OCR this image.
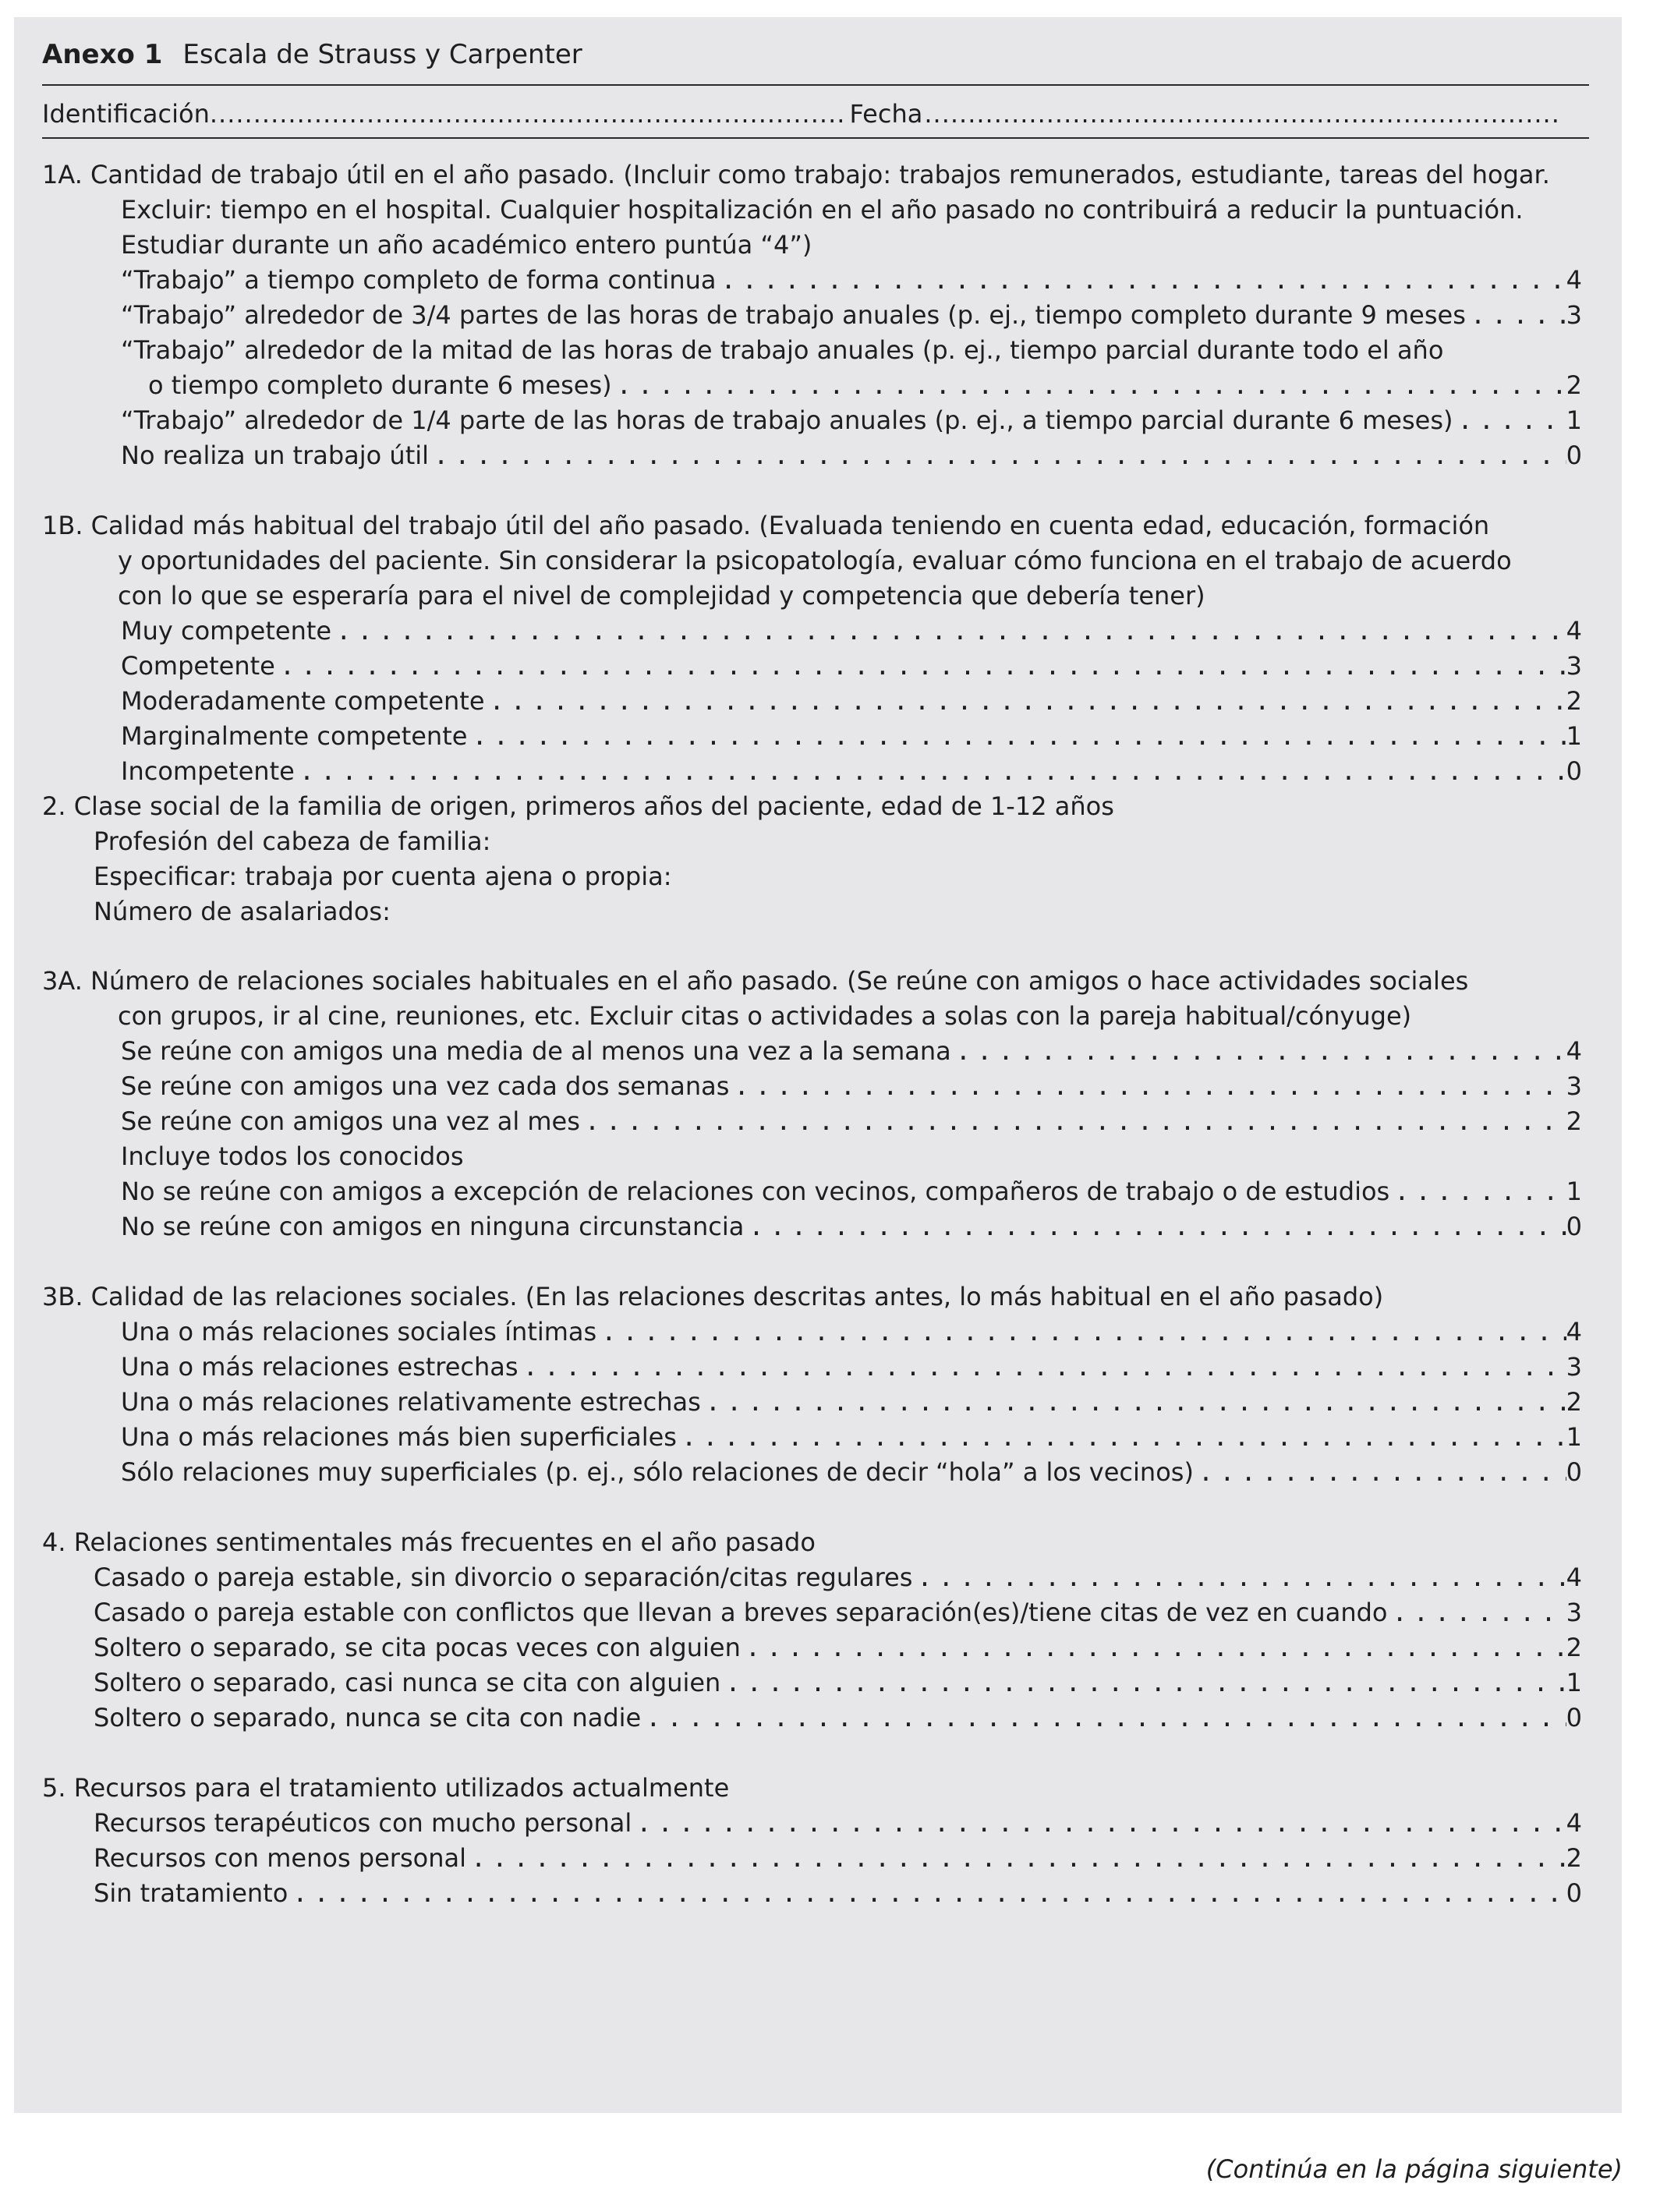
Anexo 1 Escala de Strauss y Carpenter
Identificación .....	Fecha
.....
1A. Cantidad de trabajo útil en el año pasado. (Incluir como trabajo: trabajos remunerados, estudiante, tareas del hogar.
Excluir: tiempo en el hospital. Cualquier hospitalización en el año pasado no contribuirá a reducir la puntuación.
Estudiar durante un año académico entero puntúa “4”)
“Trabajo” a tiempo completo de forma continua .....	4
“Trabajo” alrededor de 3/4 partes de las horas de trabajo anuales (p. ej., tiempo completo durante 9 meses .....	3
“Trabajo” alrededor de la mitad de las horas de trabajo anuales (p. ej., tiempo parcial durante todo el año
o tiempo completo durante 6 meses) .....	2
“Trabajo” alrededor de 1/4 parte de las horas de trabajo anuales (p. ej., a tiempo parcial durante 6 meses) .....	1
No realiza un trabajo útil .....	0
1B. Calidad más habitual del trabajo útil del año pasado. (Evaluada teniendo en cuenta edad, educación, formación
y oportunidades del paciente. Sin considerar la psicopatología, evaluar cómo funciona en el trabajo de acuerdo
con lo que se esperaría para el nivel de complejidad y competencia que debería tener)
Muy competente .....	4
Competente .....	3
Moderadamente competente .....	2
Marginalmente competente .....	1
Incompetente .....	0
2. Clase social de la familia de origen, primeros años del paciente, edad de 1-12 años
Profesión del cabeza de familia:
Especificar: trabaja por cuenta ajena o propia:
Número de asalariados:
3A. Número de relaciones sociales habituales en el año pasado. (Se reúne con amigos o hace actividades sociales
con grupos, ir al cine, reuniones, etc. Excluir citas o actividades a solas con la pareja habitual/cónyuge)
Se reúne con amigos una media de al menos una vez a la semana .....	4
Se reúne con amigos una vez cada dos semanas .....	3
Se reúne con amigos una vez al mes .....	2
Incluye todos los conocidos
No se reúne con amigos a excepción de relaciones con vecinos, compañeros de trabajo o de estudios .....	1
No se reúne con amigos en ninguna circunstancia .....	0
3B. Calidad de las relaciones sociales. (En las relaciones descritas antes, lo más habitual en el año pasado)
Una o más relaciones sociales íntimas .....	4
Una o más relaciones estrechas .....	3
Una o más relaciones relativamente estrechas .....	2
Una o más relaciones más bien superficiales .....	1
Sólo relaciones muy superficiales (p. ej., sólo relaciones de decir “hola” a los vecinos) .....	0
4. Relaciones sentimentales más frecuentes en el año pasado
Casado o pareja estable, sin divorcio o separación/citas regulares .....	4
Casado o pareja estable con conflictos que llevan a breves separación(es)/tiene citas de vez en cuando .....	3
Soltero o separado, se cita pocas veces con alguien .....	2
Soltero o separado, casi nunca se cita con alguien .....	1
Soltero o separado, nunca se cita con nadie .....	0
5. Recursos para el tratamiento utilizados actualmente
Recursos terapéuticos con mucho personal .....	4
Recursos con menos personal .....	2
Sin tratamiento .....	0
(Continúa en la página siguiente)
